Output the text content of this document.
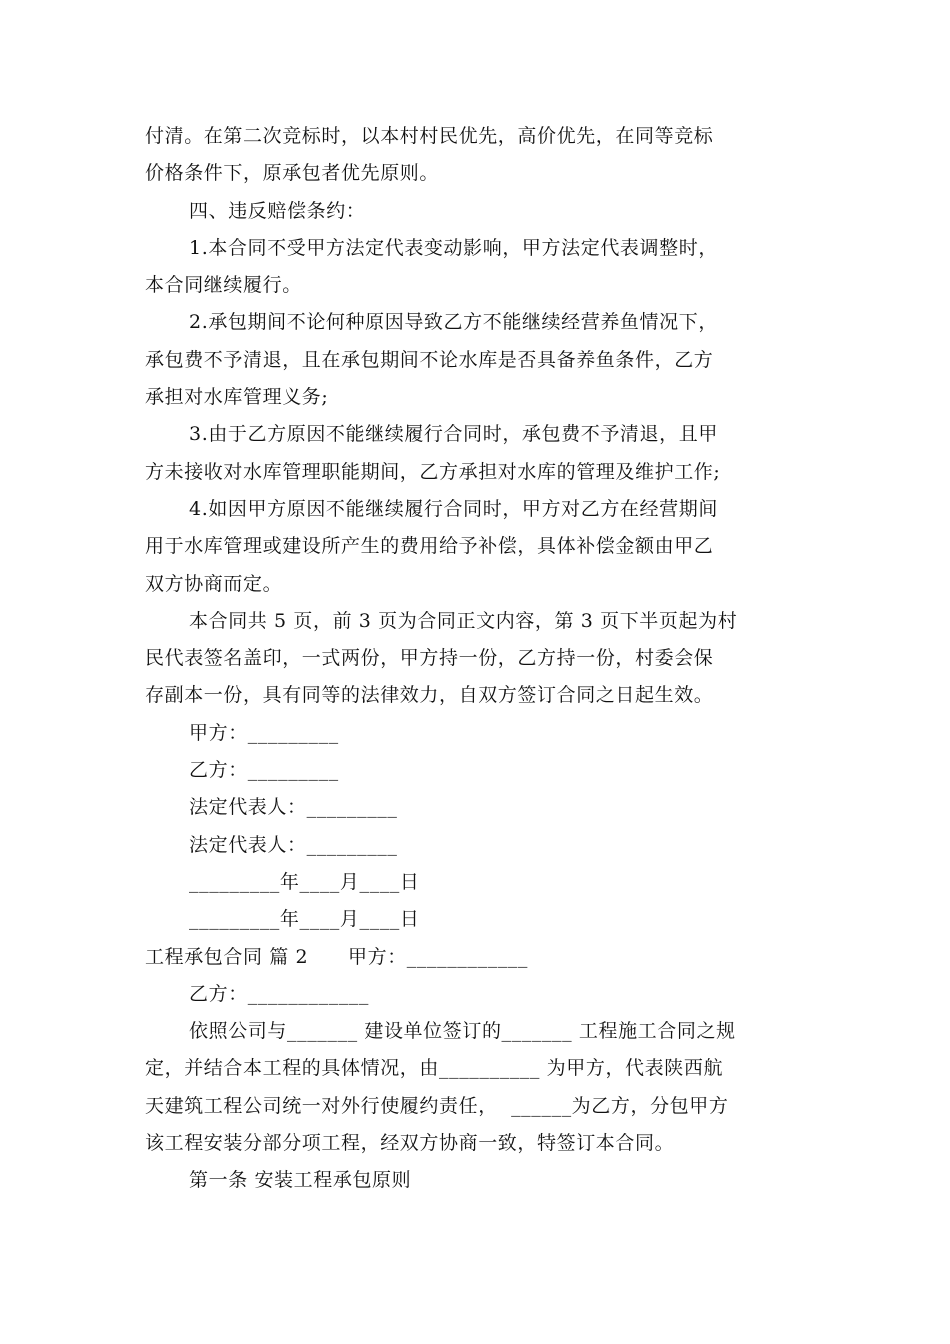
付清。在第二次竞标时，以本村村民优先，高价优先，在同等竞标
价格条件下，原承包者优先原则。
四、违反赔偿条约：
1.本合同不受甲方法定代表变动影响，甲方法定代表调整时，
本合同继续履行。
2.承包期间不论何种原因导致乙方不能继续经营养鱼情况下，
承包费不予清退，且在承包期间不论水库是否具备养鱼条件，乙方
承担对水库管理义务;
3.由于乙方原因不能继续履行合同时，承包费不予清退，且甲
方未接收对水库管理职能期间，乙方承担对水库的管理及维护工作;
4.如因甲方原因不能继续履行合同时，甲方对乙方在经营期间
用于水库管理或建设所产生的费用给予补偿，具体补偿金额由甲乙
双方协商而定。
本合同共 5 页，前 3 页为合同正文内容，第 3 页下半页起为村
民代表签名盖印，一式两份，甲方持一份，乙方持一份，村委会保
存副本一份，具有同等的法律效力，自双方签订合同之日起生效。
甲方：_________
乙方：_________
法定代表人：_________
法定代表人：_________
_________年____月____日
_________年____月____日
工程承包合同 篇 2      甲方：____________
乙方：____________
依照公司与_______ 建设单位签订的_______ 工程施工合同之规
定，并结合本工程的具体情况，由__________ 为甲方，代表陕西航
天建筑工程公司统一对外行使履约责任，  ______为乙方，分包甲方
该工程安装分部分项工程，经双方协商一致，特签订本合同。
第一条 安装工程承包原则
